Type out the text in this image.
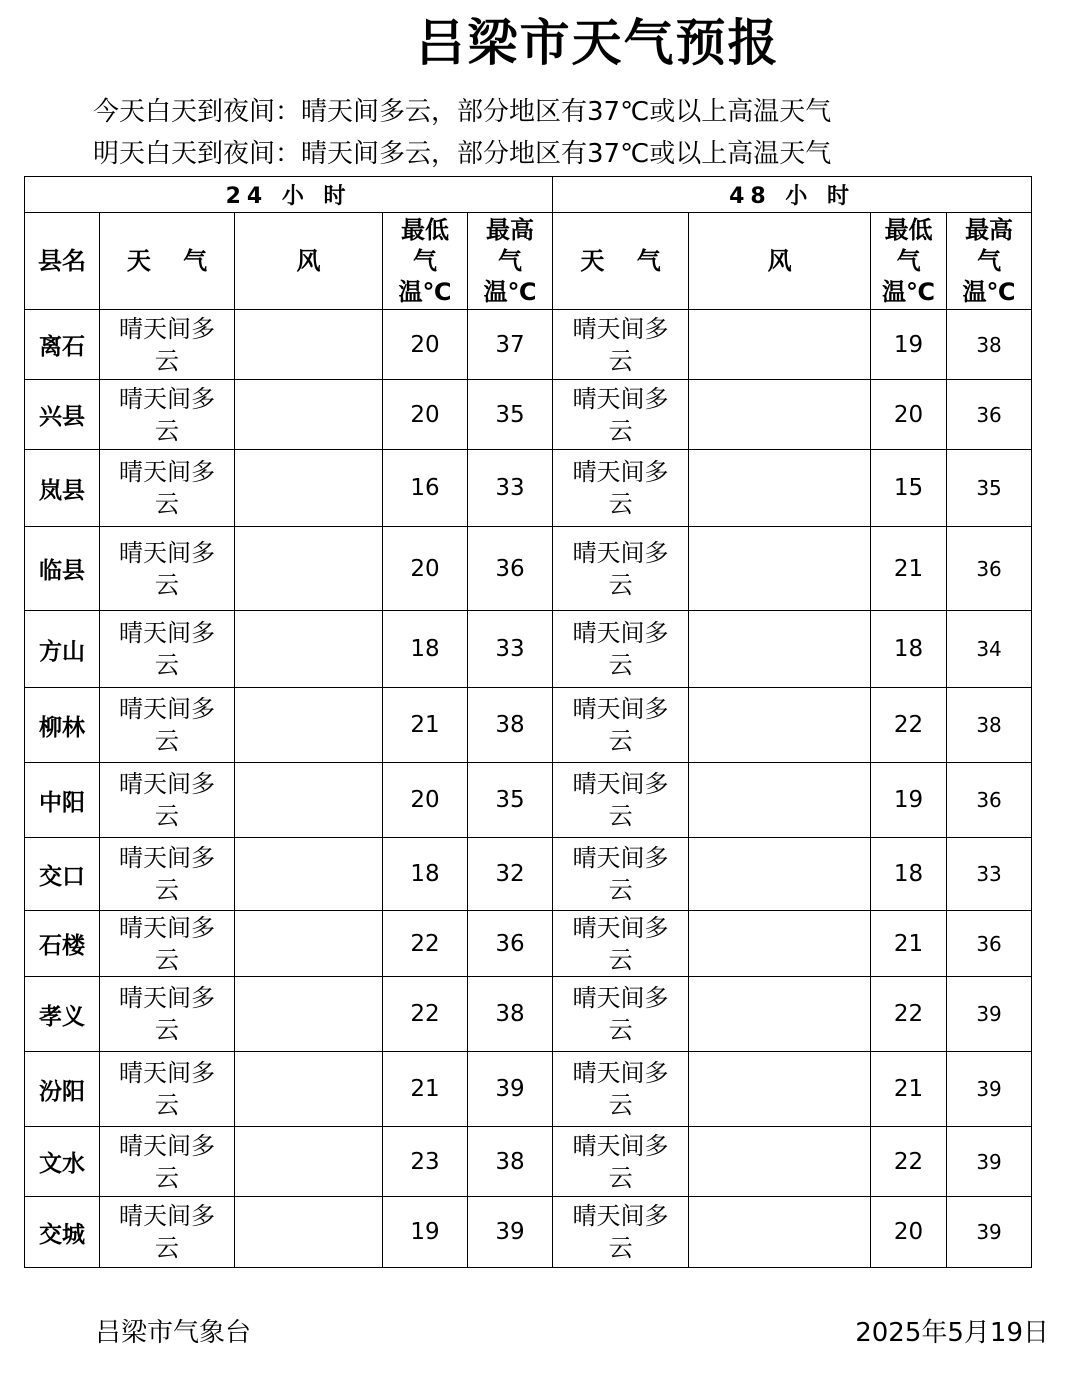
吕梁市天气预报
今天白天到夜间：晴天间多云，部分地区有37℃或以上高温天气
明天白天到夜间：晴天间多云，部分地区有37℃或以上高温天气
24 小 时					48 小 时			
县名	天　 气	风	最低气温℃	最高气温℃	天　 气	风	最低气温℃	最高气温℃

离石	晴天间多云		20	37	晴天间多云		19	38
兴县	晴天间多云		20	35	晴天间多云		20	36
岚县	晴天间多云		16	33	晴天间多云		15	35
临县	晴天间多云		20	36	晴天间多云		21	36
方山	晴天间多云		18	33	晴天间多云		18	34
柳林	晴天间多云		21	38	晴天间多云		22	38
中阳	晴天间多云		20	35	晴天间多云		19	36
交口	晴天间多云		18	32	晴天间多云		18	33
石楼	晴天间多云		22	36	晴天间多云		21	36
孝义	晴天间多云		22	38	晴天间多云		22	39
汾阳	晴天间多云		21	39	晴天间多云		21	39
文水	晴天间多云		23	38	晴天间多云		22	39
交城	晴天间多云		19	39	晴天间多云		20	39
吕梁市气象台	2025年5月19日
